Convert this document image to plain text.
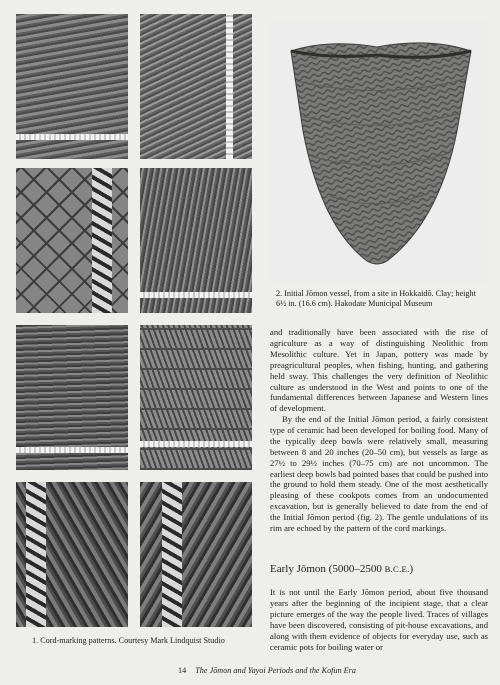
1. Cord-marking patterns. Courtesy Mark Lindquist Studio
2. Initial Jōmon vessel, from a site in Hokkaidō. Clay; height 6½ in. (16.6 cm). Hakodate Municipal Museum

and traditionally have been associated with the rise of agriculture as a way of distinguishing Neolithic from Mesolithic culture. Yet in Japan, pottery was made by preagricultural peoples, when fishing, hunting, and gathering held sway. This challenges the very definition of Neolithic culture as understood in the West and points to one of the fundamental differences between Japanese and Western lines of development.

By the end of the Initial Jōmon period, a fairly consistent type of ceramic had been developed for boiling food. Many of the typically deep bowls were relatively small, measuring between 8 and 20 inches (20–50 cm), but vessels as large as 27½ to 29½ inches (70–75 cm) are not uncommon. The earliest deep bowls had pointed bases that could be pushed into the ground to hold them steady. One of the most aesthetically pleasing of these cookpots comes from an undocumented excavation, but is generally believed to date from the end of the Initial Jōmon period (fig. 2). The gentle undulations of its rim are echoed by the pattern of the cord markings.

Early Jōmon (5000–2500 B.C.E.)

It is not until the Early Jōmon period, about five thousand years after the beginning of the incipient stage, that a clear picture emerges of the way the people lived. Traces of villages have been discovered, consisting of pit-house excavations, and along with them evidence of objects for everyday use, such as ceramic pots for boiling water or

14 The Jōmon and Yayoi Periods and the Kofun Era
